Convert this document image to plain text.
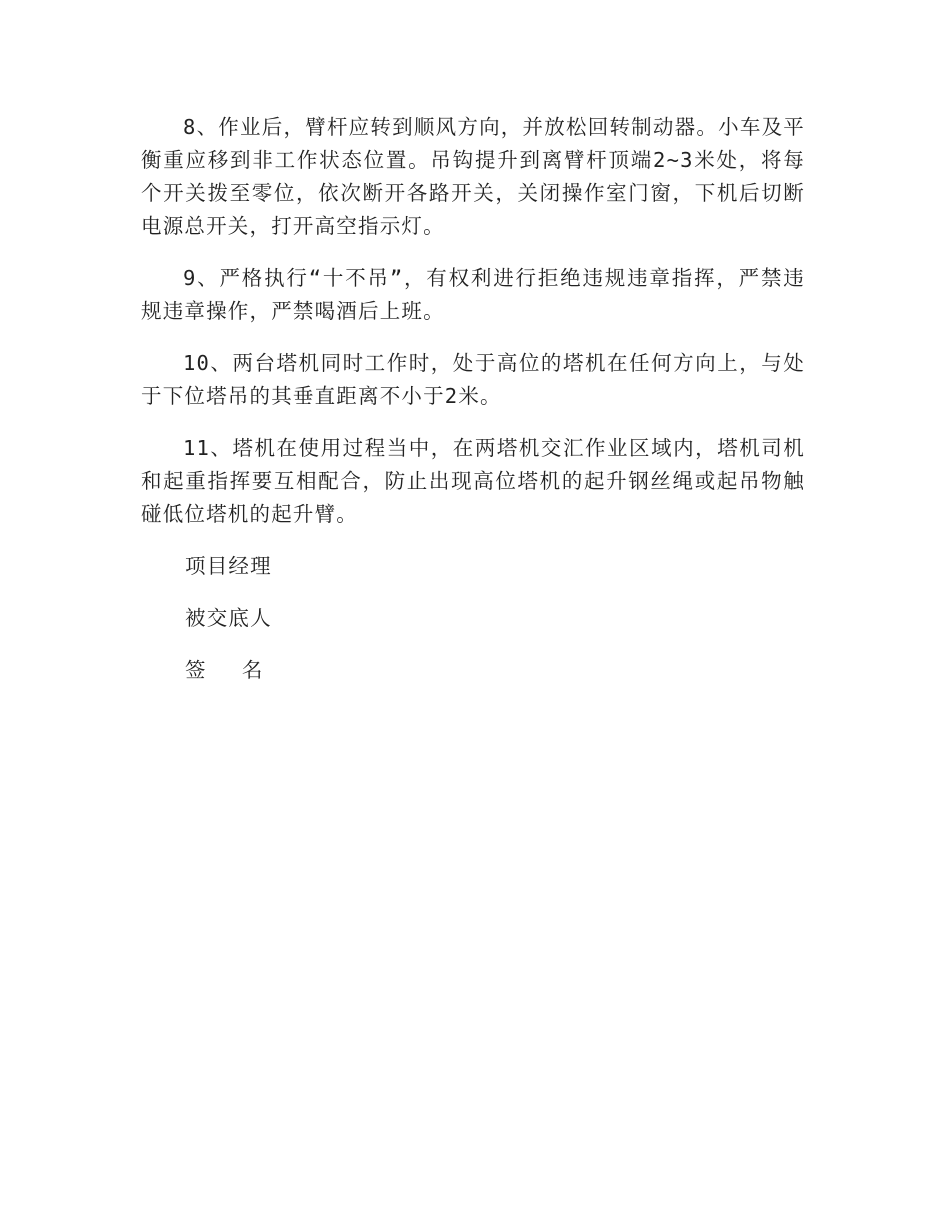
8、作业后，臂杆应转到顺风方向，并放松回转制动器。小车及平衡重应移到非工作状态位置。吊钩提升到离臂杆顶端2~3米处，将每个开关拨至零位，依次断开各路开关，关闭操作室门窗，下机后切断电源总开关，打开高空指示灯。

9、严格执行“十不吊”，有权利进行拒绝违规违章指挥，严禁违规违章操作，严禁喝酒后上班。

10、两台塔机同时工作时，处于高位的塔机在任何方向上，与处于下位塔吊的其垂直距离不小于2米。

11、塔机在使用过程当中，在两塔机交汇作业区域内，塔机司机和起重指挥要互相配合，防止出现高位塔机的起升钢丝绳或起吊物触碰低位塔机的起升臂。

项目经理
被交底人
签 名
